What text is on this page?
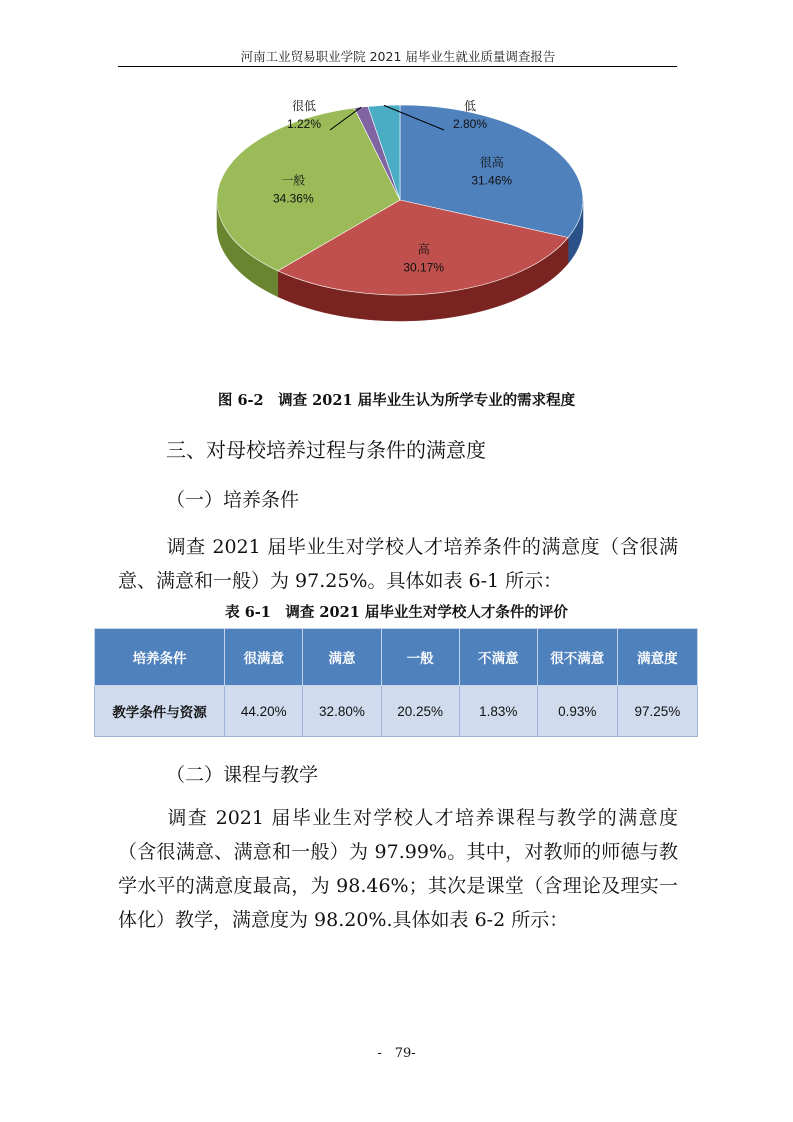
河南工业贸易职业学院 2021 届毕业生就业质量调查报告
很高
31.46%
高
30.17%
一般
34.36%
很低
1.22%
低
2.80%
图 6-2　调查 2021 届毕业生认为所学专业的需求程度
三、对母校培养过程与条件的满意度
（一）培养条件
调查 2021 届毕业生对学校人才培养条件的满意度（含很满意、满意和一般）为 97.25%。具体如表 6-1 所示：
表 6-1　调查 2021 届毕业生对学校人才条件的评价
培养条件	很满意	满意	一般	不满意	很不满意	满意度
教学条件与资源	44.20%	32.80%	20.25%	1.83%	0.93%	97.25%
（二）课程与教学
调查 2021 届毕业生对学校人才培养课程与教学的满意度（含很满意、满意和一般）为 97.99%。其中，对教师的师德与教学水平的满意度最高，为 98.46%；其次是课堂（含理论及理实一体化）教学，满意度为 98.20%.具体如表 6-2 所示：
-　79-
